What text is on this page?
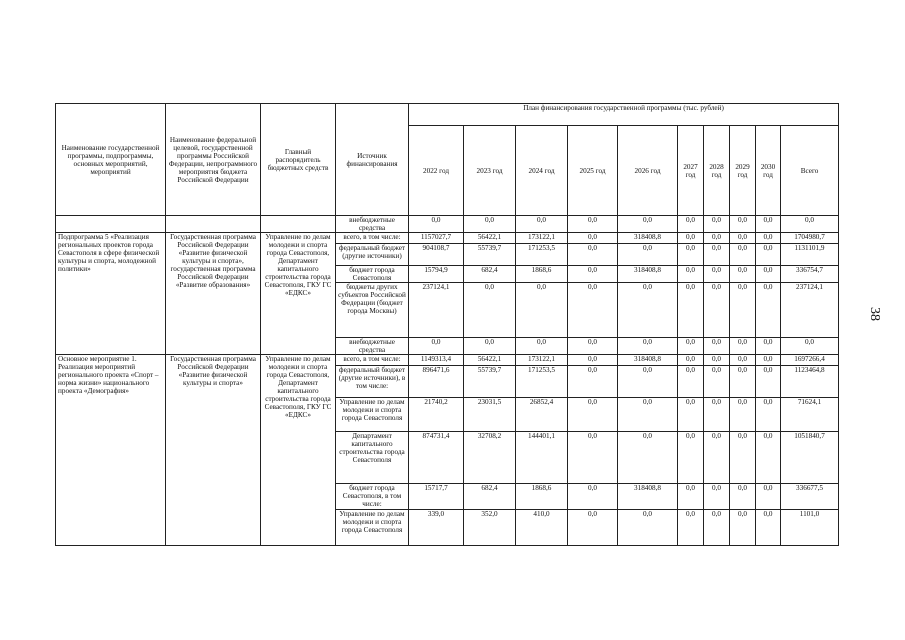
38
Наименование государственной программы, подпрограммы, основных мероприятий, мероприятий	Наименование федеральной целевой, государственной программы Российской Федерации, непрограммного мероприятия бюджета Российской Федерации	Главный распорядитель бюджетных средств	Источник финансирования	План финансирования государственной программы (тыс. рублей)									
				2022 год	2023 год	2024 год	2025 год	2026 год	2027 год	2028 год	2029 год	2030 год	Всего
			внебюджетные средства	0,0	0,0	0,0	0,0	0,0	0,0	0,0	0,0	0,0	0,0
Подпрограмма 5 «Реализация региональных проектов города Севастополя в сфере физической культуры и спорта, молодежной политики»	Государственная программа Российской Федерации «Развитие физической культуры и спорта», государственная программа Российской Федерации «Развитие образования»	Управление по делам молодежи и спорта города Севастополя, Департамент капитального строительства города Севастополя, ГКУ ГС «ЕДКС»	всего, в том числе:	1157027,7	56422,1	173122,1	0,0	318408,8	0,0	0,0	0,0	0,0	1704980,7
			федеральный бюджет (другие источники)	904108,7	55739,7	171253,5	0,0	0,0	0,0	0,0	0,0	0,0	1131101,9
			бюджет города Севастополя	15794,9	682,4	1868,6	0,0	318408,8	0,0	0,0	0,0	0,0	336754,7
			бюджеты других субъектов Российской Федерации (бюджет города Москвы)	237124,1	0,0	0,0	0,0	0,0	0,0	0,0	0,0	0,0	237124,1
			внебюджетные средства	0,0	0,0	0,0	0,0	0,0	0,0	0,0	0,0	0,0	0,0
Основное мероприятие 1. Реализация мероприятий регионального проекта «Спорт – норма жизни» национального проекта «Демография»	Государственная программа Российской Федерации «Развитие физической культуры и спорта»	Управление по делам молодежи и спорта города Севастополя, Департамент капитального строительства города Севастополя, ГКУ ГС «ЕДКС»	всего, в том числе:	1149313,4	56422,1	173122,1	0,0	318408,8	0,0	0,0	0,0	0,0	1697266,4
			федеральный бюджет (другие источники), в том числе:	896471,6	55739,7	171253,5	0,0	0,0	0,0	0,0	0,0	0,0	1123464,8
			Управление по делам молодежи и спорта города Севастополя	21740,2	23031,5	26852,4	0,0	0,0	0,0	0,0	0,0	0,0	71624,1
			Департамент капитального строительства города Севастополя	874731,4	32708,2	144401,1	0,0	0,0	0,0	0,0	0,0	0,0	1051840,7
			бюджет города Севастополя, в том числе:	15717,7	682,4	1868,6	0,0	318408,8	0,0	0,0	0,0	0,0	336677,5
			Управление по делам молодежи и спорта города Севастополя	339,0	352,0	410,0	0,0	0,0	0,0	0,0	0,0	0,0	1101,0
